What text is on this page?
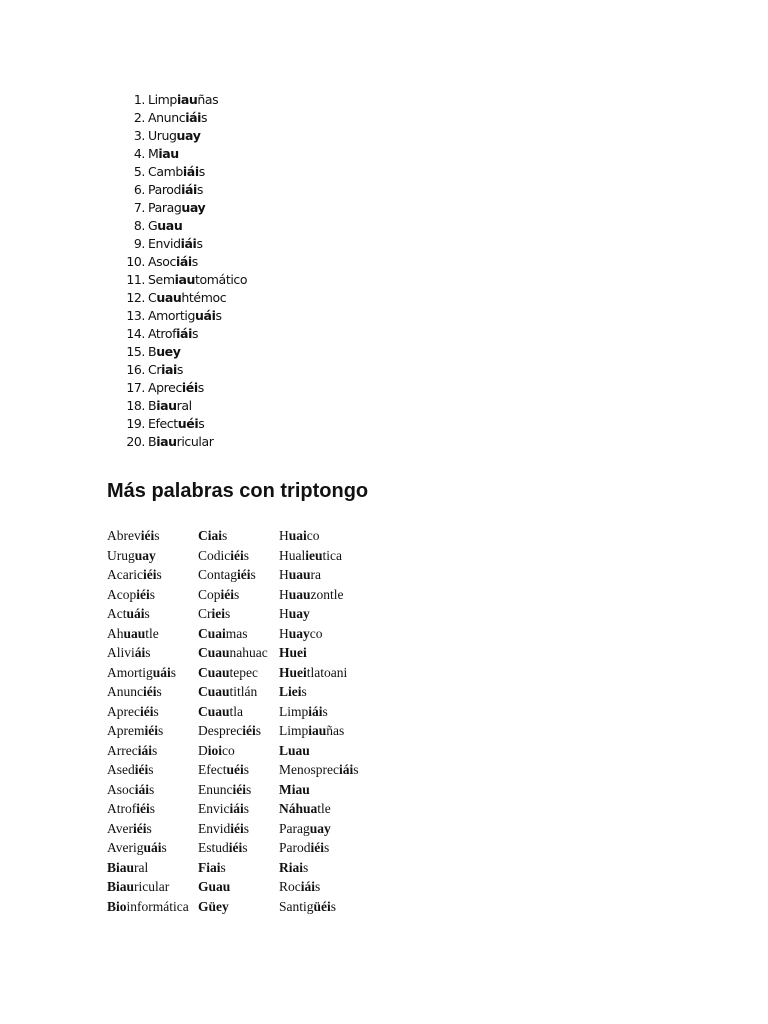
1. Limpiauñas
2. Anunciáis
3. Uruguay
4. Miau
5. Cambiáis
6. Parodiáis
7. Paraguay
8. Guau
9. Envidiáis
10. Asociáis
11. Semiautomático
12. Cuauhtémoc
13. Amortiguáis
14. Atrofiáis
15. Buey
16. Criais
17. Apreciéis
18. Biaural
19. Efectuéis
20. Biauricular
Más palabras con triptongo
Abreviéis
Uruguay
Acariciéis
Acopiéis
Actuáis
Ahuautle
Aliviáis
Amortiguáis
Anunciéis
Apreciéis
Apremiéis
Arreciáis
Asediéis
Asociáis
Atrofiéis
Averiéis
Averiguáis
Biaural
Biauricular
Bioinformática
Ciais
Codiciéis
Contagiéis
Copiéis
Crieis
Cuaimas
Cuaunahuac
Cuautepec
Cuautitlán
Cuautla
Despreciéis
Dioico
Efectuéis
Enunciéis
Enviciáis
Envidiéis
Estudiéis
Fiais
Guau
Güey
Huaico
Hualieutica
Huaura
Huauzontle
Huay
Huayco
Huei
Hueitlatoani
Lieis
Limpiáis
Limpiauñas
Luau
Menospreciáis
Miau
Náhuatle
Paraguay
Parodiéis
Riais
Rociáis
Santigüéis
